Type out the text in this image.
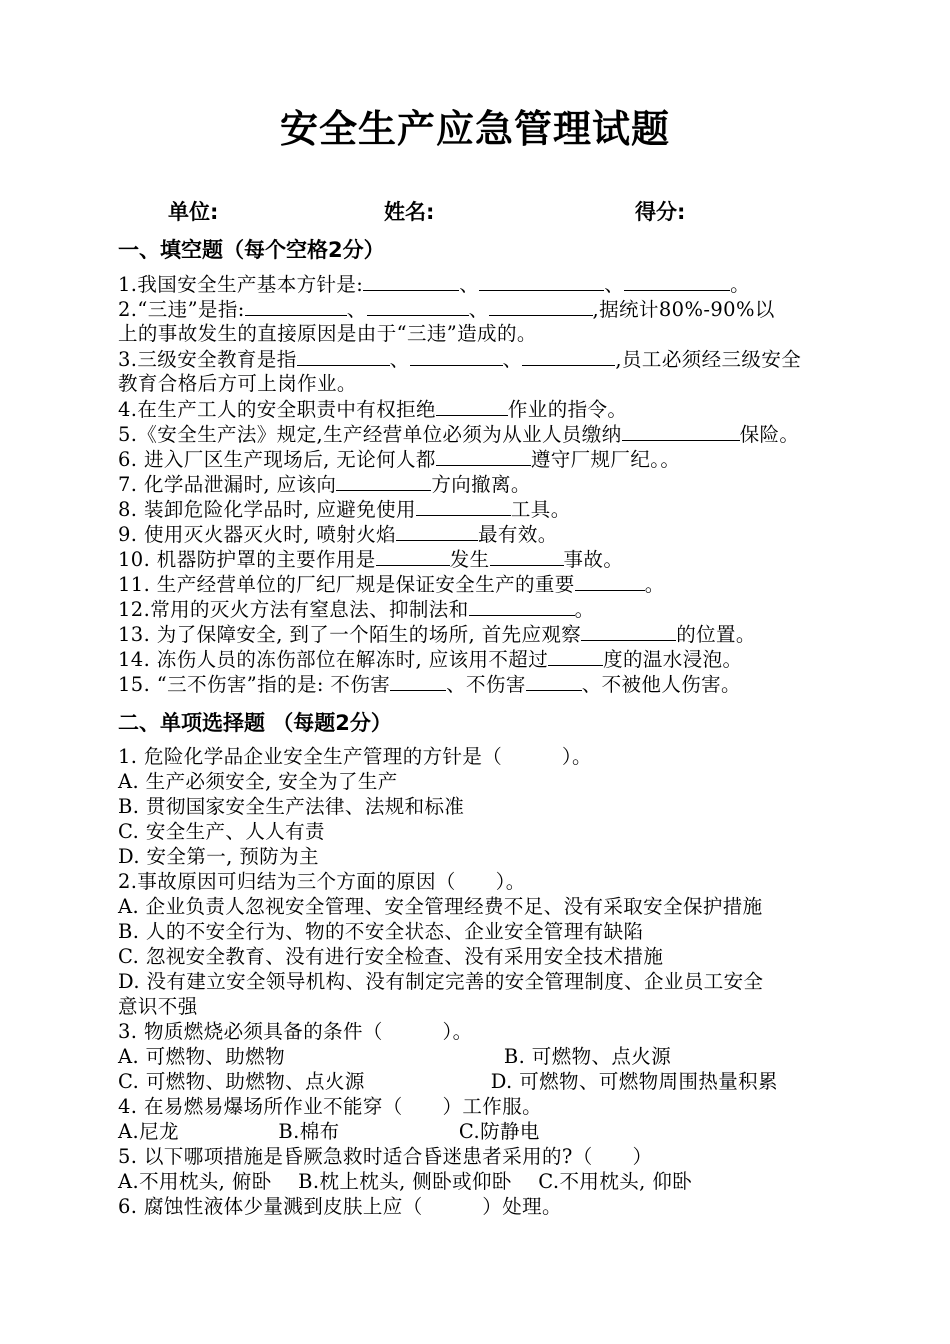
安全生产应急管理试题
单位:	姓名:	得分:
一、填空题（每个空格2分）
1.我国安全生产基本方针是:	、	、	。
2.“三违”是指:	、	、	,据统计80%-90%以
上的事故发生的直接原因是由于“三违”造成的。
3.三级安全教育是指	、	、	,员工必须经三级安全
教育合格后方可上岗作业。
4.在生产工人的安全职责中有权拒绝	作业的指令。
5.《安全生产法》规定,生产经营单位必须为从业人员缴纳	保险。
6. 进入厂区生产现场后, 无论何人都	遵守厂规厂纪。。
7. 化学品泄漏时, 应该向	方向撤离。
8. 装卸危险化学品时, 应避免使用	工具。
9. 使用灭火器灭火时, 喷射火焰	最有效。
10. 机器防护罩的主要作用是	发生	事故。
11. 生产经营单位的厂纪厂规是保证安全生产的重要	。
12.常用的灭火方法有窒息法、抑制法和	。
13. 为了保障安全, 到了一个陌生的场所, 首先应观察	的位置。
14. 冻伤人员的冻伤部位在解冻时, 应该用不超过	度的温水浸泡。
15. “三不伤害”指的是: 不伤害	、不伤害	、不被他人伤害。
二、单项选择题 （每题2分）
1. 危险化学品企业安全生产管理的方针是（　　　）。
A. 生产必须安全, 安全为了生产
B. 贯彻国家安全生产法律、法规和标准
C. 安全生产、人人有责
D. 安全第一, 预防为主
2.事故原因可归结为三个方面的原因（　　）。
A. 企业负责人忽视安全管理、安全管理经费不足、没有采取安全保护措施
B. 人的不安全行为、物的不安全状态、企业安全管理有缺陷
C. 忽视安全教育、没有进行安全检查、没有采用安全技术措施
D. 没有建立安全领导机构、没有制定完善的安全管理制度、企业员工安全
意识不强
3. 物质燃烧必须具备的条件（　　　）。
A. 可燃物、助燃物　　　　　　　　　　　B. 可燃物、点火源
C. 可燃物、助燃物、点火源　　　　　　 D. 可燃物、可燃物周围热量积累
4. 在易燃易爆场所作业不能穿（　　）工作服。
A.尼龙　　　　　B.棉布　　　　　　C.防静电
5. 以下哪项措施是昏厥急救时适合昏迷患者采用的?（　　）
A.不用枕头, 俯卧　 B.枕上枕头, 侧卧或仰卧　 C.不用枕头, 仰卧
6. 腐蚀性液体少量溅到皮肤上应（　　　）处理。
